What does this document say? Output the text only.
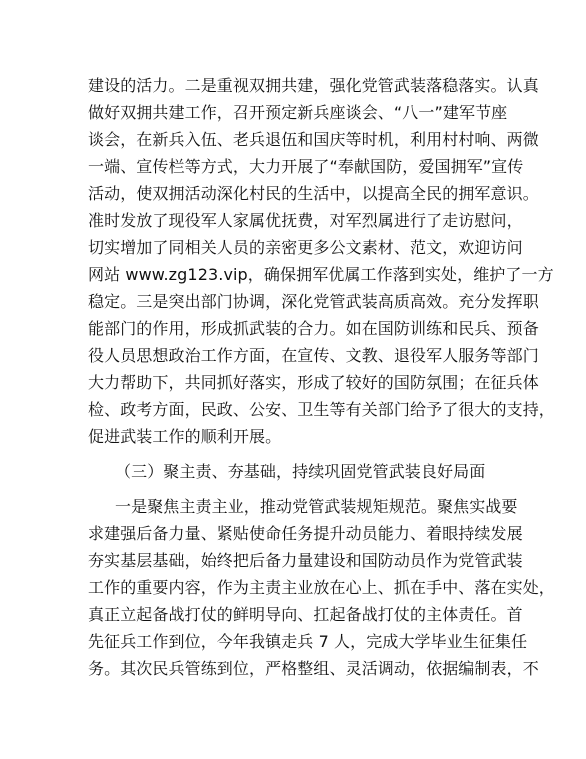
建设的活力。二是重视双拥共建，强化党管武装落稳落实。认真
做好双拥共建工作，召开预定新兵座谈会、“八一”建军节座
谈会，在新兵入伍、老兵退伍和国庆等时机，利用村村响、两微
一端、宣传栏等方式，大力开展了“奉献国防，爱国拥军”宣传
活动，使双拥活动深化村民的生活中，以提高全民的拥军意识。
准时发放了现役军人家属优抚费，对军烈属进行了走访慰问，
切实增加了同相关人员的亲密更多公文素材、范文，欢迎访问
网站 www.zg123.vip，确保拥军优属工作落到实处，维护了一方
稳定。三是突出部门协调，深化党管武装高质高效。充分发挥职
能部门的作用，形成抓武装的合力。如在国防训练和民兵、预备
役人员思想政治工作方面，在宣传、文教、退役军人服务等部门
大力帮助下，共同抓好落实，形成了较好的国防氛围；在征兵体
检、政考方面，民政、公安、卫生等有关部门给予了很大的支持，
促进武装工作的顺利开展。
（三）聚主责、夯基础，持续巩固党管武装良好局面
一是聚焦主责主业，推动党管武装规矩规范。聚焦实战要
求建强后备力量、紧贴使命任务提升动员能力、着眼持续发展
夯实基层基础，始终把后备力量建设和国防动员作为党管武装
工作的重要内容，作为主责主业放在心上、抓在手中、落在实处，
真正立起备战打仗的鲜明导向、扛起备战打仗的主体责任。首
先征兵工作到位，今年我镇走兵 7 人，完成大学毕业生征集任
务。其次民兵管练到位，严格整组、灵活调动，依据编制表，不
